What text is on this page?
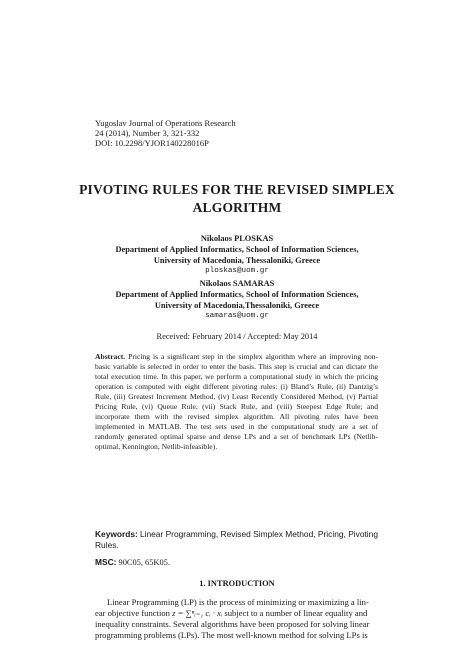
Yugoslav Journal of Operations Research
24 (2014), Number 3, 321-332
DOI: 10.2298/YJOR140228016P
PIVOTING RULES FOR THE REVISED SIMPLEX
ALGORITHM
Nikolaos PLOSKAS
Department of Applied Informatics, School of Information Sciences,
University of Macedonia, Thessaloniki, Greece
ploskas@uom.gr
Nikolaos SAMARAS
Department of Applied Informatics, School of Information Sciences,
University of Macedonia,Thessaloniki, Greece
samaras@uom.gr
Received: February 2014 / Accepted: May 2014
Abstract. Pricing is a significant step in the simplex algorithm where an improving non-basic variable is selected in order to enter the basis. This step is crucial and can dictate the total execution time. In this paper, we perform a computational study in which the pricing operation is computed with eight different pivoting rules: (i) Bland’s Rule, (ii) Dantzig’s Rule, (iii) Greatest Increment Method, (iv) Least Recently Considered Method, (v) Partial Pricing Rule, (vi) Queue Rule, (vii) Stack Rule, and (viii) Steepest Edge Rule; and incorporate them with the revised simplex algorithm. All pivoting rules have been implemented in MATLAB. The test sets used in the computational study are a set of randomly generated optimal sparse and dense LPs and a set of benchmark LPs (Netlib-optimal, Kennington, Netlib-infeasible).
Keywords: Linear Programming, Revised Simplex Method, Pricing, Pivoting Rules.
MSC: 90C05, 65K05.
1. INTRODUCTION
Linear Programming (LP) is the process of minimizing or maximizing a lin-
ear objective function z = ∑ⁿᵢ₌₁ cᵢ · xᵢ subject to a number of linear equality and
inequality constraints. Several algorithms have been proposed for solving linear
programming problems (LPs). The most well-known method for solving LPs is
